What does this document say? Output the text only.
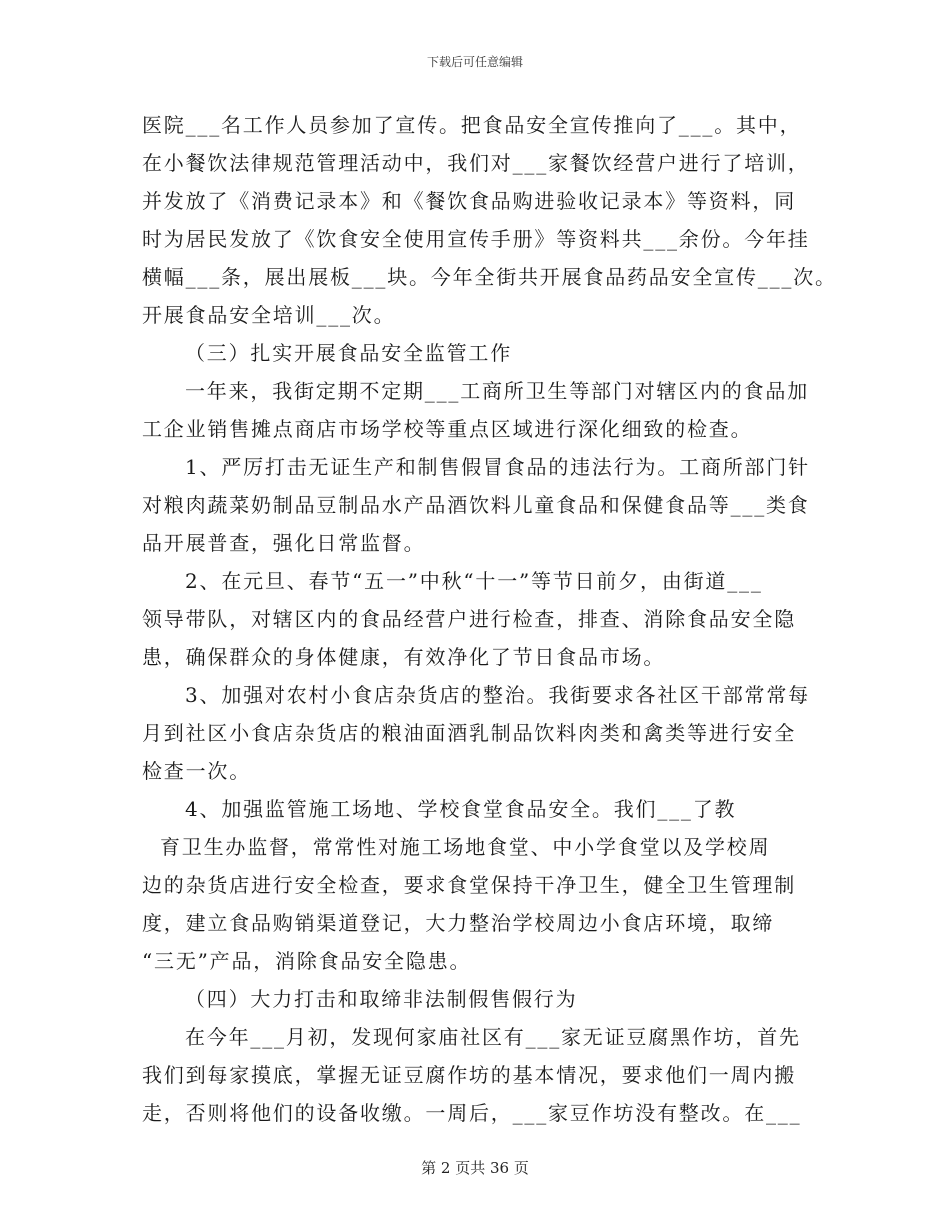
下载后可任意编辑
医院___名工作人员参加了宣传。把食品安全宣传推向了___。其中，
在小餐饮法律规范管理活动中，我们对___家餐饮经营户进行了培训，
并发放了《消费记录本》和《餐饮食品购进验收记录本》等资料，同
时为居民发放了《饮食安全使用宣传手册》等资料共___余份。今年挂
横幅___条，展出展板___块。今年全街共开展食品药品安全宣传___次。
开展食品安全培训___次。
（三）扎实开展食品安全监管工作
一年来，我街定期不定期___工商所卫生等部门对辖区内的食品加
工企业销售摊点商店市场学校等重点区域进行深化细致的检查。
1、严厉打击无证生产和制售假冒食品的违法行为。工商所部门针
对粮肉蔬菜奶制品豆制品水产品酒饮料儿童食品和保健食品等___类食
品开展普查，强化日常监督。
2、在元旦、春节“五一”中秋“十一”等节日前夕，由街道___
领导带队，对辖区内的食品经营户进行检查，排查、消除食品安全隐
患，确保群众的身体健康，有效净化了节日食品市场。
3、加强对农村小食店杂货店的整治。我街要求各社区干部常常每
月到社区小食店杂货店的粮油面酒乳制品饮料肉类和禽类等进行安全
检查一次。
4、加强监管施工场地、学校食堂食品安全。我们___了教
育卫生办监督，常常性对施工场地食堂、中小学食堂以及学校周
边的杂货店进行安全检查，要求食堂保持干净卫生，健全卫生管理制
度，建立食品购销渠道登记，大力整治学校周边小食店环境，取缔
“三无”产品，消除食品安全隐患。
（四）大力打击和取缔非法制假售假行为
在今年___月初，发现何家庙社区有___家无证豆腐黑作坊，首先
我们到每家摸底，掌握无证豆腐作坊的基本情况，要求他们一周内搬
走，否则将他们的设备收缴。一周后，___家豆作坊没有整改。在___
第 2 页共 36 页
